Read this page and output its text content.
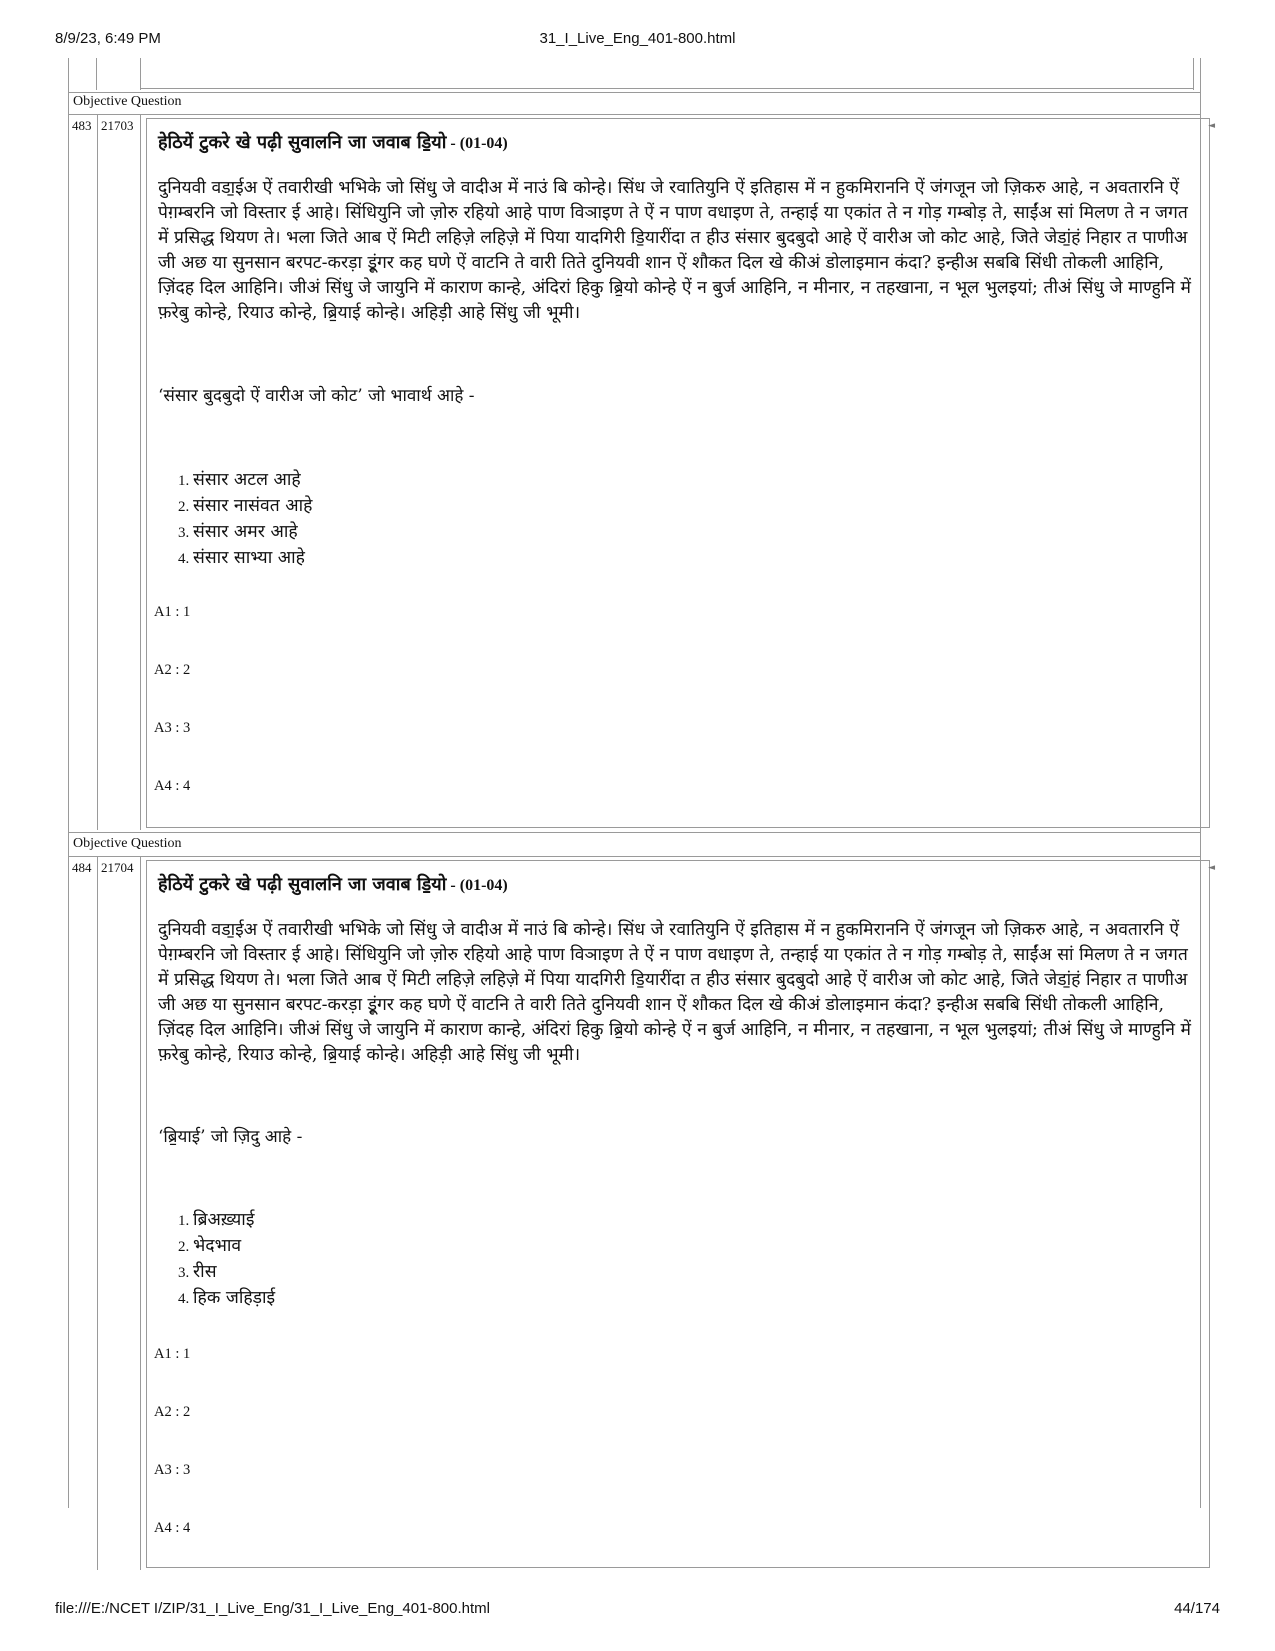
8/9/23, 6:49 PM	31_I_Live_Eng_401-800.html
Objective Question
483 21703	◄
हेठियें टुकरे खे पढ़ी सुवालनि जा जवाब डि॒यो - (01-04)
दुनियवी वडा॒ईअ ऐं तवारीखी भभिके जो सिंधु जे वादीअ में नाउं बि कोन्हे। सिंध जे रवातियुनि ऐं इतिहास में न हुकमिराननि ऐं जंगजून जो ज़िकरु आहे, न अवतारनि ऐं पेग़म्बरनि जो विस्तार ई आहे। सिंधियुनि जो ज़ोरु रहियो आहे पाण विञाइण ते ऐं न पाण वधाइण ते, तन्हाई या एकांत ते न गोड़ गम्बोड़ ते, साईंअ सां मिलण ते न जगत में प्रसिद्ध थियण ते। भला जिते आब ऐं मिटी लहिज़े लहिज़े में पिया यादगिरी डि॒यारींदा त हीउ संसार बुदबुदो आहे ऐं वारीअ जो कोट आहे, जिते जेडां॒हं निहार त पाणीअ जी अछ या सुनसान बरपट-करड़ा डूं॒गर कह घणे ऐं वाटनि ते वारी तिते दुनियवी शान ऐं शौकत दिल खे कीअं डोलाइमान कंदा? इन्हीअ सबबि सिंधी तोकली आहिनि, ज़िंदह दिल आहिनि। जीअं सिंधु जे जायुनि में काराण कान्हे, अंदिरां हिकु ब्रि॒यो कोन्हे ऐं न बुर्ज आहिनि, न मीनार, न तहखाना, न भूल भुलइयां; तीअं सिंधु जे माण्हुनि में फ़रेबु कोन्हे, रियाउ कोन्हे, ब्रि॒याई कोन्हे। अहिड़ी आहे सिंधु जी भूमी।
‘संसार बुदबुदो ऐं वारीअ जो कोट’ जो भावार्थ आहे -
1. संसार अटल आहे
2. संसार नासंवत आहे
3. संसार अमर आहे
4. संसार साभ्या आहे
A1 : 1
A2 : 2
A3 : 3
A4 : 4
Objective Question
484 21704	◄
हेठियें टुकरे खे पढ़ी सुवालनि जा जवाब डि॒यो - (01-04)
दुनियवी वडा॒ईअ ऐं तवारीखी भभिके जो सिंधु जे वादीअ में नाउं बि कोन्हे। सिंध जे रवातियुनि ऐं इतिहास में न हुकमिराननि ऐं जंगजून जो ज़िकरु आहे, न अवतारनि ऐं पेग़म्बरनि जो विस्तार ई आहे। सिंधियुनि जो ज़ोरु रहियो आहे पाण विञाइण ते ऐं न पाण वधाइण ते, तन्हाई या एकांत ते न गोड़ गम्बोड़ ते, साईंअ सां मिलण ते न जगत में प्रसिद्ध थियण ते। भला जिते आब ऐं मिटी लहिज़े लहिज़े में पिया यादगिरी डि॒यारींदा त हीउ संसार बुदबुदो आहे ऐं वारीअ जो कोट आहे, जिते जेडां॒हं निहार त पाणीअ जी अछ या सुनसान बरपट-करड़ा डूं॒गर कह घणे ऐं वाटनि ते वारी तिते दुनियवी शान ऐं शौकत दिल खे कीअं डोलाइमान कंदा? इन्हीअ सबबि सिंधी तोकली आहिनि, ज़िंदह दिल आहिनि। जीअं सिंधु जे जायुनि में काराण कान्हे, अंदिरां हिकु ब्रि॒यो कोन्हे ऐं न बुर्ज आहिनि, न मीनार, न तहखाना, न भूल भुलइयां; तीअं सिंधु जे माण्हुनि में फ़रेबु कोन्हे, रियाउ कोन्हे, ब्रि॒याई कोन्हे। अहिड़ी आहे सिंधु जी भूमी।
‘ब्रि॒याई’ जो ज़िदु आहे -
1. ब्रिअख़्याई
2. भेदभाव
3. रीस
4. हिक जहिड़ाई
A1 : 1
A2 : 2
A3 : 3
A4 : 4
file:///E:/NCET I/ZIP/31_I_Live_Eng/31_I_Live_Eng_401-800.html	44/174
